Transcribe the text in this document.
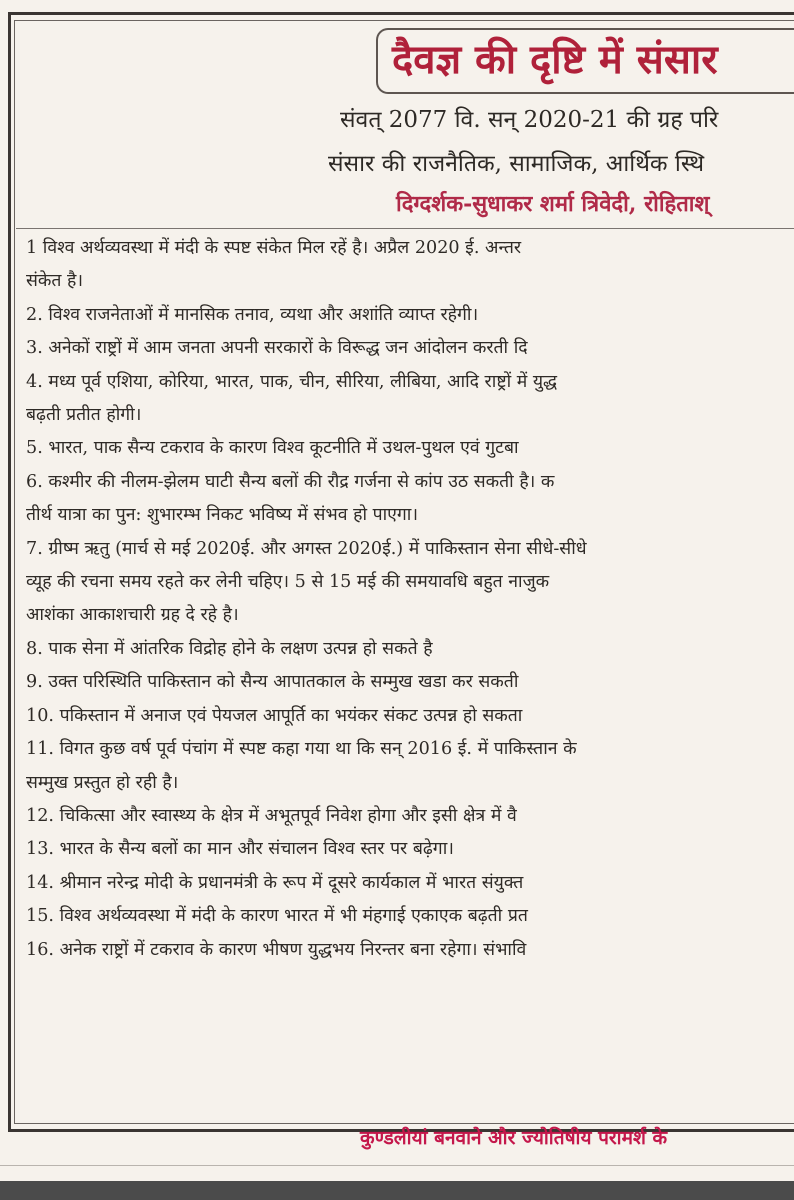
दैवज्ञ की दृष्टि में संसार
संवत् 2077 वि. सन् 2020-21 की ग्रह परि
संसार की राजनैतिक, सामाजिक, आर्थिक स्थि
दिग्दर्शक-सुधाकर शर्मा त्रिवेदी, रोहिताश्
1 विश्व अर्थव्यवस्था में मंदी के स्पष्ट संकेत मिल रहें है। अप्रैल 2020 ई. अन्तर
संकेत है।
2. विश्व राजनेताओं में मानसिक तनाव, व्यथा और अशांति व्याप्त रहेगी।
3. अनेकों राष्ट्रों में आम जनता अपनी सरकारों के विरूद्ध जन आंदोलन करती दि
4. मध्य पूर्व एशिया, कोरिया, भारत, पाक, चीन, सीरिया, लीबिया, आदि राष्ट्रों में युद्ध
बढ़ती प्रतीत होगी।
5. भारत, पाक सैन्य टकराव के कारण विश्व कूटनीति में उथल-पुथल एवं गुटबा
6. कश्मीर की नीलम-झेलम घाटी सैन्य बलों की रौद्र गर्जना से कांप उठ सकती है। क
तीर्थ यात्रा का पुन: शुभारम्भ निकट भविष्य में संभव हो पाएगा।
7. ग्रीष्म ऋतु (मार्च से मई 2020ई. और अगस्त 2020ई.) में पाकिस्तान सेना सीधे-सीधे
व्यूह की रचना समय रहते कर लेनी चहिए। 5 से 15 मई की समयावधि बहुत नाजुक
आशंका आकाशचारी ग्रह दे रहे है।
8. पाक सेना में आंतरिक विद्रोह होने के लक्षण उत्पन्न हो सकते है
9. उक्त परिस्थिति पाकिस्तान को सैन्य आपातकाल के सम्मुख खडा कर सकती
10. पकिस्तान में अनाज एवं पेयजल आपूर्ति का भयंकर संकट उत्पन्न हो सकता
11. विगत कुछ वर्ष पूर्व पंचांग में स्पष्ट कहा गया था कि सन् 2016 ई. में पाकिस्तान के
सम्मुख प्रस्तुत हो रही है।
12. चिकित्सा और स्वास्थ्य के क्षेत्र में अभूतपूर्व निवेश होगा और इसी क्षेत्र में वै
13. भारत के सैन्य बलों का मान और संचालन विश्व स्तर पर बढ़ेगा।
14. श्रीमान नरेन्द्र मोदी के प्रधानमंत्री के रूप में दूसरे कार्यकाल में भारत संयुक्त
15. विश्व अर्थव्यवस्था में मंदी के कारण भारत में भी मंहगाई एकाएक बढ़ती प्रत
16. अनेक राष्ट्रों में टकराव के कारण भीषण युद्धभय निरन्तर बना रहेगा। संभावि
कुण्डलीयां बनवाने और ज्योतिषीय परामर्श के
